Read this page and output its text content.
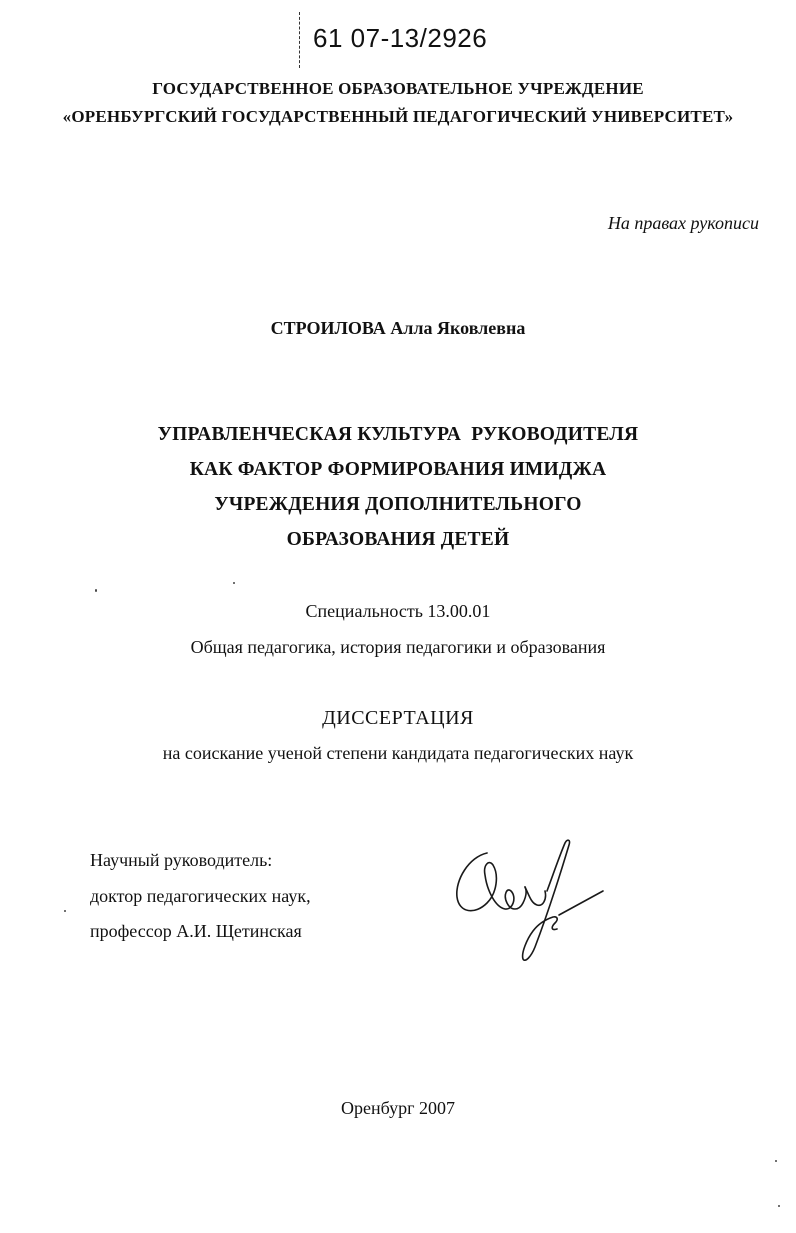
61 07-13/2926
ГОСУДАРСТВЕННОЕ ОБРАЗОВАТЕЛЬНОЕ УЧРЕЖДЕНИЕ
«ОРЕНБУРГСКИЙ ГОСУДАРСТВЕННЫЙ ПЕДАГОГИЧЕСКИЙ УНИВЕРСИТЕТ»
На правах рукописи
СТРОИЛОВА Алла Яковлевна
УПРАВЛЕНЧЕСКАЯ КУЛЬТУРА  РУКОВОДИТЕЛЯ
КАК ФАКТОР ФОРМИРОВАНИЯ ИМИДЖА
УЧРЕЖДЕНИЯ ДОПОЛНИТЕЛЬНОГО
ОБРАЗОВАНИЯ ДЕТЕЙ
Специальность 13.00.01
Общая педагогика, история педагогики и образования
ДИССЕРТАЦИЯ
на соискание ученой степени кандидата педагогических наук
Научный руководитель:
доктор педагогических наук,
профессор А.И. Щетинская
Оренбург 2007
